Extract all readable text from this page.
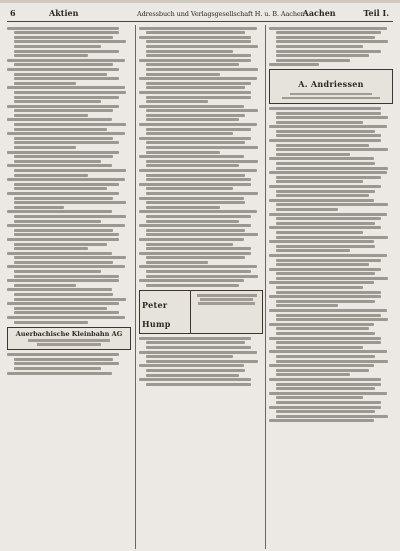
6	Aktien	Adressbuch und Verlagsgesellschaft H. u. B. Aachen
Aachen	Teil I.
Auerbachische Kleinbahn AG
Peter Hump
A. Andriessen
